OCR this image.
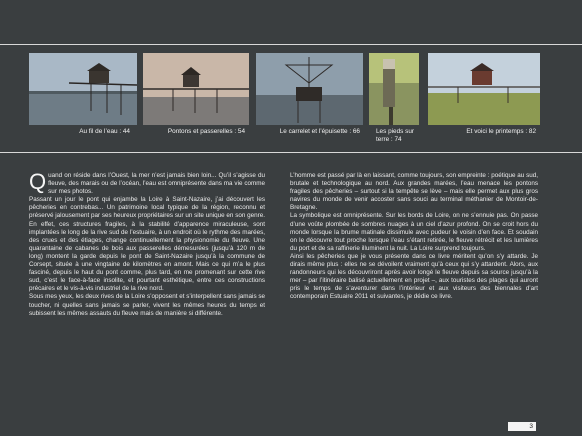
Au fil de l’eau : 44	Pontons et passerelles : 54	Le carrelet et l’épuisette : 66	Les pieds sur
terre : 74
Et voici le printemps : 82
Q uand on réside dans l’Ouest, la mer n’est jamais bien loin... Qu’il s’agisse du fleuve, des marais ou de l’océan, l’eau est omniprésente dans ma vie comme sur mes photos.

Passant un jour le pont qui enjambe la Loire à Saint-Nazaire, j’ai découvert les pêcheries en contrebas... Un patrimoine local typique de la région, reconnu et préservé jalousement par ses heureux propriétaires sur un site unique en son genre. En effet, ces structures fragiles, à la stabilité d’apparence miraculeuse, sont implantées le long de la rive sud de l’estuaire, à un endroit où le rythme des marées, des crues et des étiages, change continuellement la physionomie du fleuve. Une quarantaine de cabanes de bois aux passerelles démesurées (jusqu’à 120 m de long) montent la garde depuis le pont de Saint-Nazaire jusqu’à la commune de Corsept, située à une vingtaine de kilomètres en amont. Mais ce qui m’a le plus fasciné, depuis le haut du pont comme, plus tard, en me promenant sur cette rive sud, c’est le face-à-face insolite, et pourtant esthétique, entre ces constructions précaires et le vis-à-vis industriel de la rive nord.

Sous mes yeux, les deux rives de la Loire s’opposent et s’interpellent sans jamais se toucher, ni quelles sans jamais se parler, vivent les mêmes heures du temps et subissent les mêmes assauts du fleuve mais de manière si différente.

L’homme est passé par là en laissant, comme toujours, son empreinte : poétique au sud, brutale et technologique au nord. Aux grandes marées, l’eau menace les pontons fragiles des pêcheries – surtout si la tempête se lève – mais elle permet aux plus gros navires du monde de venir accoster sans souci au terminal méthanier de Montoir-de-Bretagne.

La symbolique est omniprésente. Sur les bords de Loire, on ne s’ennuie pas. On passe d’une voûte plombée de sombres nuages à un ciel d’azur profond. On se croit hors du monde lorsque la brume matinale dissimule avec pudeur le voisin d’en face. Et soudain on le découvre tout proche lorsque l’eau s’étant retirée, le fleuve rétrécit et les lumières du port et de sa raffinerie illuminent la nuit. La Loire surprend toujours.

Ainsi les pêcheries que je vous présente dans ce livre méritent qu’on s’y attarde. Je dirais même plus : elles ne se dévoilent vraiment qu’à ceux qui s’y attardent. Alors, aux randonneurs qui les découvriront après avoir longé le fleuve depuis sa source jusqu’à la mer – par l’itinéraire balisé actuellement en projet –, aux touristes des plages qui auront pris le temps de s’aventurer dans l’intérieur et aux visiteurs des biennales d’art contemporain Estuaire 2011 et suivantes, je dédie ce livre.

3
